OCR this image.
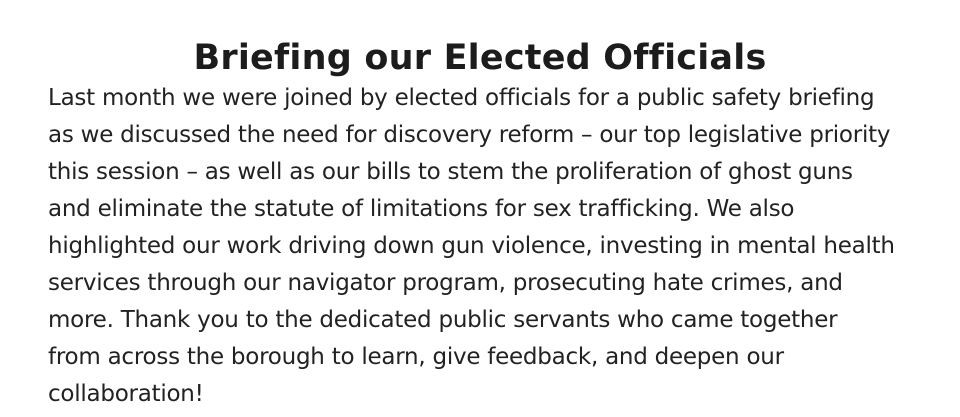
Briefing our Elected Officials
Last month we were joined by elected officials for a public safety briefing
as we discussed the need for discovery reform – our top legislative priority
this session – as well as our bills to stem the proliferation of ghost guns
and eliminate the statute of limitations for sex trafficking. We also
highlighted our work driving down gun violence, investing in mental health
services through our navigator program, prosecuting hate crimes, and
more. Thank you to the dedicated public servants who came together
from across the borough to learn, give feedback, and deepen our
collaboration!
